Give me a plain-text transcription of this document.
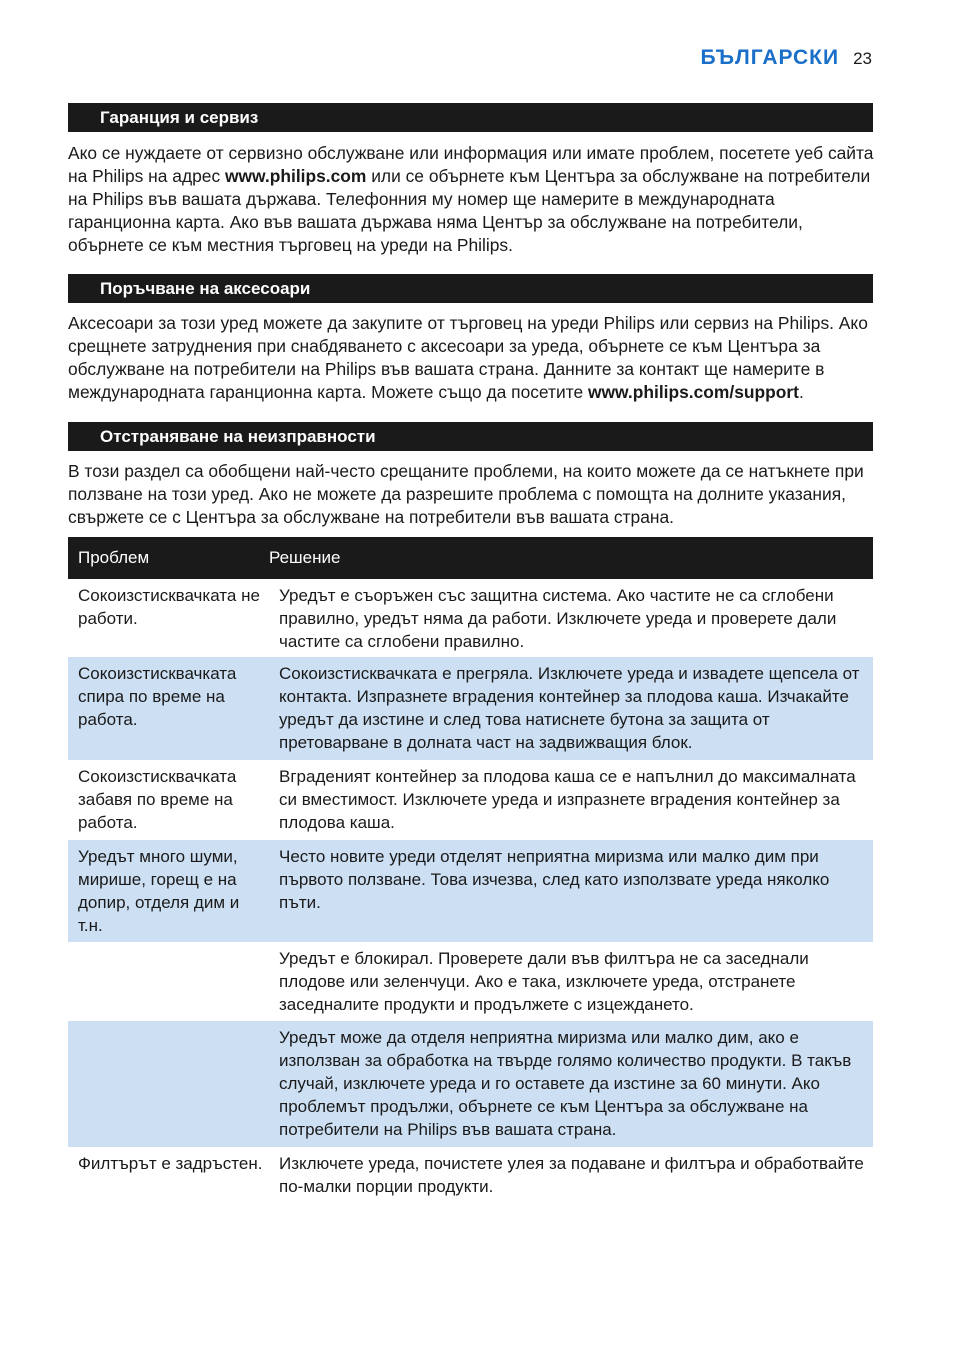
БЪЛГАРСКИ 23
Гаранция и сервиз

Ако се нуждаете от сервизно обслужване или информация или имате проблем, посетете уеб сайта на Philips на адрес www.philips.com или се обърнете към Центъра за обслужване на потребители на Philips във вашата държава. Телефонния му номер ще намерите в международната гаранционна карта. Ако във вашата държава няма Център за обслужване на потребители, обърнете се към местния търговец на уреди на Philips.

Поръчване на аксесоари

Аксесоари за този уред можете да закупите от търговец на уреди Philips или сервиз на Philips. Ако срещнете затруднения при снабдяването с аксесоари за уреда, обърнете се към Центъра за обслужване на потребители на Philips във вашата страна. Данните за контакт ще намерите в международната гаранционна карта. Можете също да посетите www.philips.com/support.

Отстраняване на неизправности

В този раздел са обобщени най-често срещаните проблеми, на които можете да се натъкнете при ползване на този уред. Ако не можете да разрешите проблема с помощта на долните указания, свържете се с Центъра за обслужване на потребители във вашата страна.

Проблем	Решение
Сокоизстисквачката не работи.
Уредът е съоръжен със защитна система. Ако частите не са сглобени правилно, уредът няма да работи. Изключете уреда и проверете дали частите са сглобени правилно.
Сокоизстисквачката спира по време на работа.
Сокоизстисквачката е прегряла. Изключете уреда и извадете щепсела от контакта. Изпразнете вградения контейнер за плодова каша. Изчакайте уредът да изстине и след това натиснете бутона за защита от претоварване в долната част на задвижващия блок.
Сокоизстисквачката забавя по време на работа.
Вграденият контейнер за плодова каша се е напълнил до максималната си вместимост. Изключете уреда и изпразнете вградения контейнер за плодова каша.
Уредът много шуми, мирише, горещ е на допир, отделя дим и т.н.
Често новите уреди отделят неприятна миризма или малко дим при първото ползване. Това изчезва, след като използвате уреда няколко пъти.
Уредът е блокирал. Проверете дали във филтъра не са заседнали плодове или зеленчуци. Ако е така, изключете уреда, отстранете заседналите продукти и продължете с изцеждането.
Уредът може да отделя неприятна миризма или малко дим, ако е използван за обработка на твърде голямо количество продукти. В такъв случай, изключете уреда и го оставете да изстине за 60 минути. Ако проблемът продължи, обърнете се към Центъра за обслужване на потребители на Philips във вашата страна.
Филтърът е задръстен. Изключете уреда, почистете улея за подаване и филтъра и обработвайте по-малки порции продукти.
